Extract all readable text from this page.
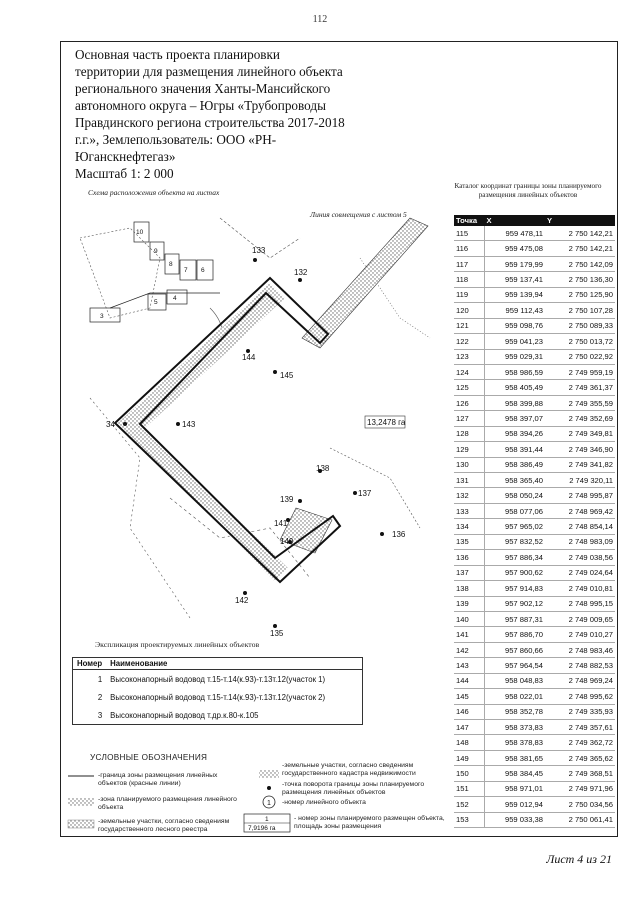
112
Основная часть проекта планировки
территории для размещения линейного объекта
регионального значения Ханты-Мансийского
автономного округа – Югры «Трубопроводы
Правдинского региона строительства 2017-2018
г.г.», Землепользователь: ООО «РН-
Юганскнефтегаз»
Масштаб 1: 2 000
Схема расположения объекта на листах
Линия совмещения с листом 5
Каталог координат границы зоны планируемого размещения линейных объектов
Точка	X	Y
115	959 478,11	2 750 142,21
116	959 475,08	2 750 142,21
117	959 179,99	2 750 142,09
118	959 137,41	2 750 136,30
119	959 139,94	2 750 125,90
120	959 112,43	2 750 107,28
121	959 098,76	2 750 089,33
122	959 041,23	2 750 013,72
123	959 029,31	2 750 022,92
124	958 986,59	2 749 959,19
125	958 405,49	2 749 361,37
126	958 399,88	2 749 355,59
127	958 397,07	2 749 352,69
128	958 394,26	2 749 349,81
129	958 391,44	2 749 346,90
130	958 386,49	2 749 341,82
131	958 365,40	2 749 320,11
132	958 050,24	2 748 995,87
133	958 077,06	2 748 969,42
134	957 965,02	2 748 854,14
135	957 832,52	2 748 983,09
136	957 886,34	2 749 038,56
137	957 900,62	2 749 024,64
138	957 914,83	2 749 010,81
139	957 902,12	2 748 995,15
140	957 887,31	2 749 009,65
141	957 886,70	2 749 010,27
142	957 860,66	2 748 983,46
143	957 964,54	2 748 882,53
144	958 048,83	2 748 969,24
145	958 022,01	2 748 995,62
146	958 352,78	2 749 335,93
147	958 373,83	2 749 357,61
148	958 378,83	2 749 362,72
149	958 381,65	2 749 365,62
150	958 384,45	2 749 368,51
151	958 971,01	2 749 971,96
152	959 012,94	2 750 034,56
153	959 033,38	2 750 061,41
10
9
8
7 6
5
4
3
13,2478 га
133
132
144
145
34	143
138
137
139
141
140
136
142
135
Экспликация проектируемых линейных объектов
Номер	Наименование
1	Высоконапорный водовод т.15-т.14(к.93)-т.13т.12(участок 1)
2	Высоконапорный водовод т.15-т.14(к.93)-т.13т.12(участок 2)
3	Высоконапорный водовод т.др.к.80-к.105
УСЛОВНЫЕ ОБОЗНАЧЕНИЯ
1
1
7,9196 га
-граница зоны размещения линейных объектов (красные линии)
-зона планируемого размещения линейного объекта
-земельные участки, согласно сведениям государственного лесного реестра
-земельные участки, согласно сведениям государственного кадастра недвижимости
-точка поворота границы зоны планируемого размещения линейных объектов
-номер линейного объекта
- номер зоны планируемого размещен объекта, площадь зоны размещения
Лист 4 из 21
